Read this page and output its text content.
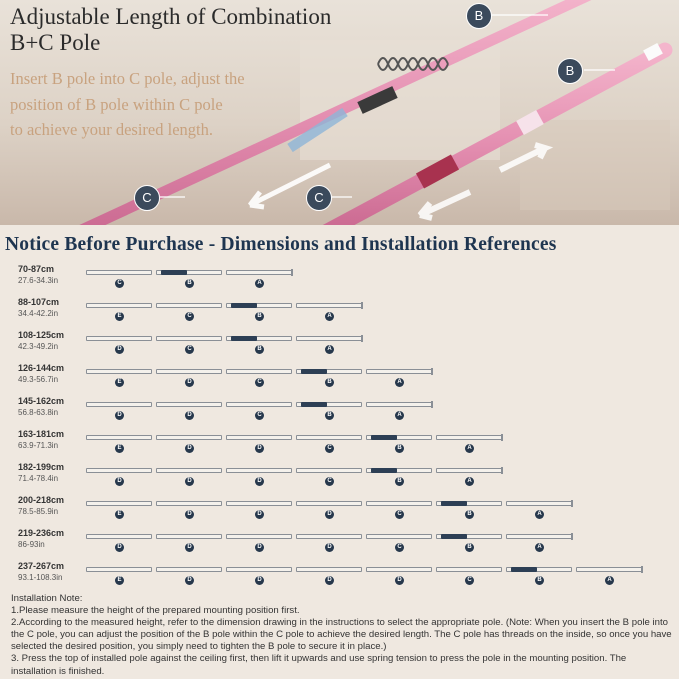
Adjustable Length of Combination
B+C Pole
Insert B pole into C pole, adjust the
position of B pole within C pole
to achieve your desired length.
B
B
C	C
Notice Before Purchase - Dimensions and Installation References
70-87cm
27.6-34.3in	C	B	A
88-107cm
34.4-42.2in	E	C	B	A
108-125cm
42.3-49.2in	D	C	B	A
126-144cm
49.3-56.7in	E	D	C	B	A
145-162cm
56.8-63.8in	D	D	C	B	A
163-181cm
63.9-71.3in	E	D	D	C	B	A
182-199cm
71.4-78.4in	D	D	D	C	B	A
200-218cm
78.5-85.9in	E	D	D	D	C	B	A
219-236cm
86-93in	D	D	D	D	C	B	A
237-267cm
93.1-108.3in	E	D	D	D	D	C	B	A

Installation Note:

1.Please measure the height of the prepared mounting position first.

2.According to the measured height, refer to the dimension drawing in the instructions to select the appropriate pole. (Note: When you insert the B pole into the C pole, you can adjust the position of the B pole within the C pole to achieve the desired length. The C pole has threads on the inside, so once you have selected the desired position, you simply need to tighten the B pole to secure it in place.)

3. Press the top of installed pole against the ceiling first, then lift it upwards and use spring tension to press the pole in the mounting position. The installation is finished.
